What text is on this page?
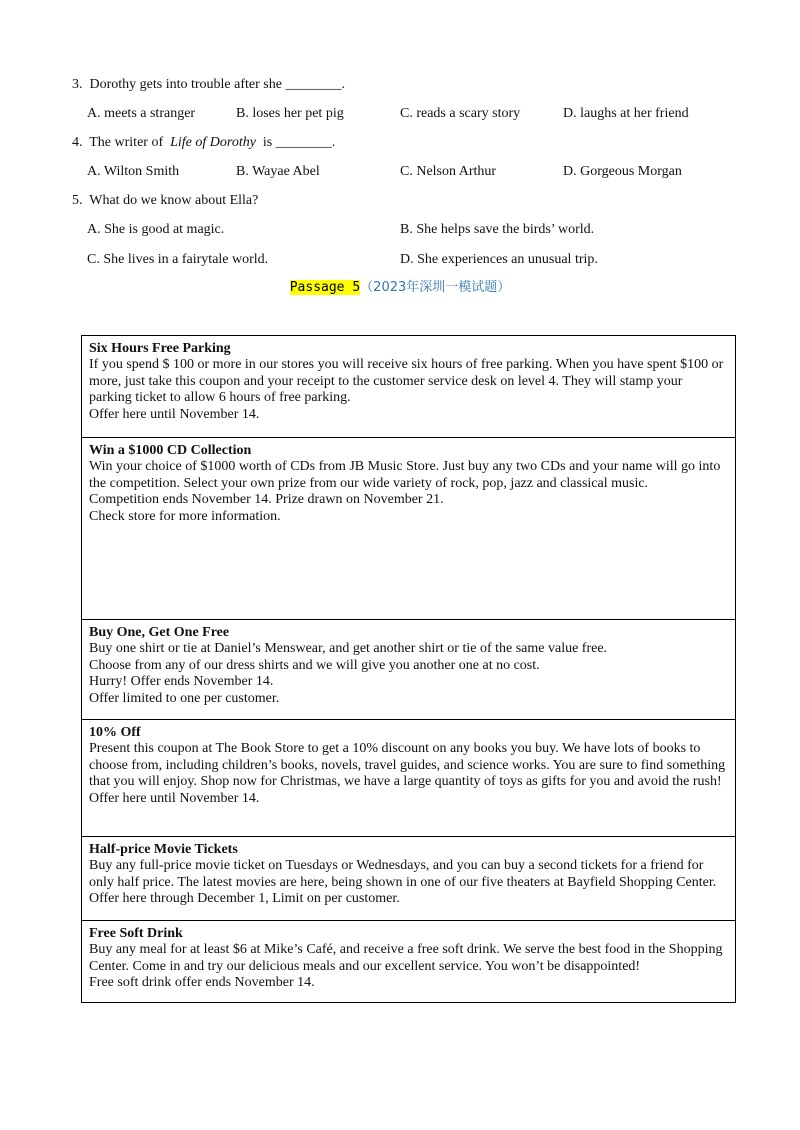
3. Dorothy gets into trouble after she ________.
A. meets a stranger	B. loses her pet pig	C. reads a scary story	D. laughs at her friend
4. The writer of Life of Dorothy is ________.
A. Wilton Smith	B. Wayae Abel	C. Nelson Arthur	D. Gorgeous Morgan
5. What do we know about Ella?
A. She is good at magic.	B. She helps save the birds’ world.
C. She lives in a fairytale world.	D. She experiences an unusual trip.
Passage 5（2023年深圳一模试题）
Six Hours Free Parking

If you spend $ 100 or more in our stores you will receive six hours of free parking. When you have spent $100 or more, just take this coupon and your receipt to the customer service desk on level 4. They will stamp your parking ticket to allow 6 hours of free parking.

Offer here until November 14.

Win a $1000 CD Collection

Win your choice of $1000 worth of CDs from JB Music Store. Just buy any two CDs and your name will go into the competition. Select your own prize from our wide variety of rock, pop, jazz and classical music.

Competition ends November 14. Prize drawn on November 21.

Check store for more information.

Buy One, Get One Free

Buy one shirt or tie at Daniel’s Menswear, and get another shirt or tie of the same value free.

Choose from any of our dress shirts and we will give you another one at no cost.

Hurry! Offer ends November 14.

Offer limited to one per customer.

10% Off

Present this coupon at The Book Store to get a 10% discount on any books you buy. We have lots of books to choose from, including children’s books, novels, travel guides, and science works. You are sure to find something that you will enjoy. Shop now for Christmas, we have a large quantity of toys as gifts for you and avoid the rush!

Offer here until November 14.

Half-price Movie Tickets

Buy any full-price movie ticket on Tuesdays or Wednesdays, and you can buy a second tickets for a friend for only half price. The latest movies are here, being shown in one of our five theaters at Bayfield Shopping Center.

Offer here through December 1, Limit on per customer.

Free Soft Drink

Buy any meal for at least $6 at Mike’s Café, and receive a free soft drink. We serve the best food in the Shopping Center. Come in and try our delicious meals and our excellent service. You won’t be disappointed!

Free soft drink offer ends November 14.
